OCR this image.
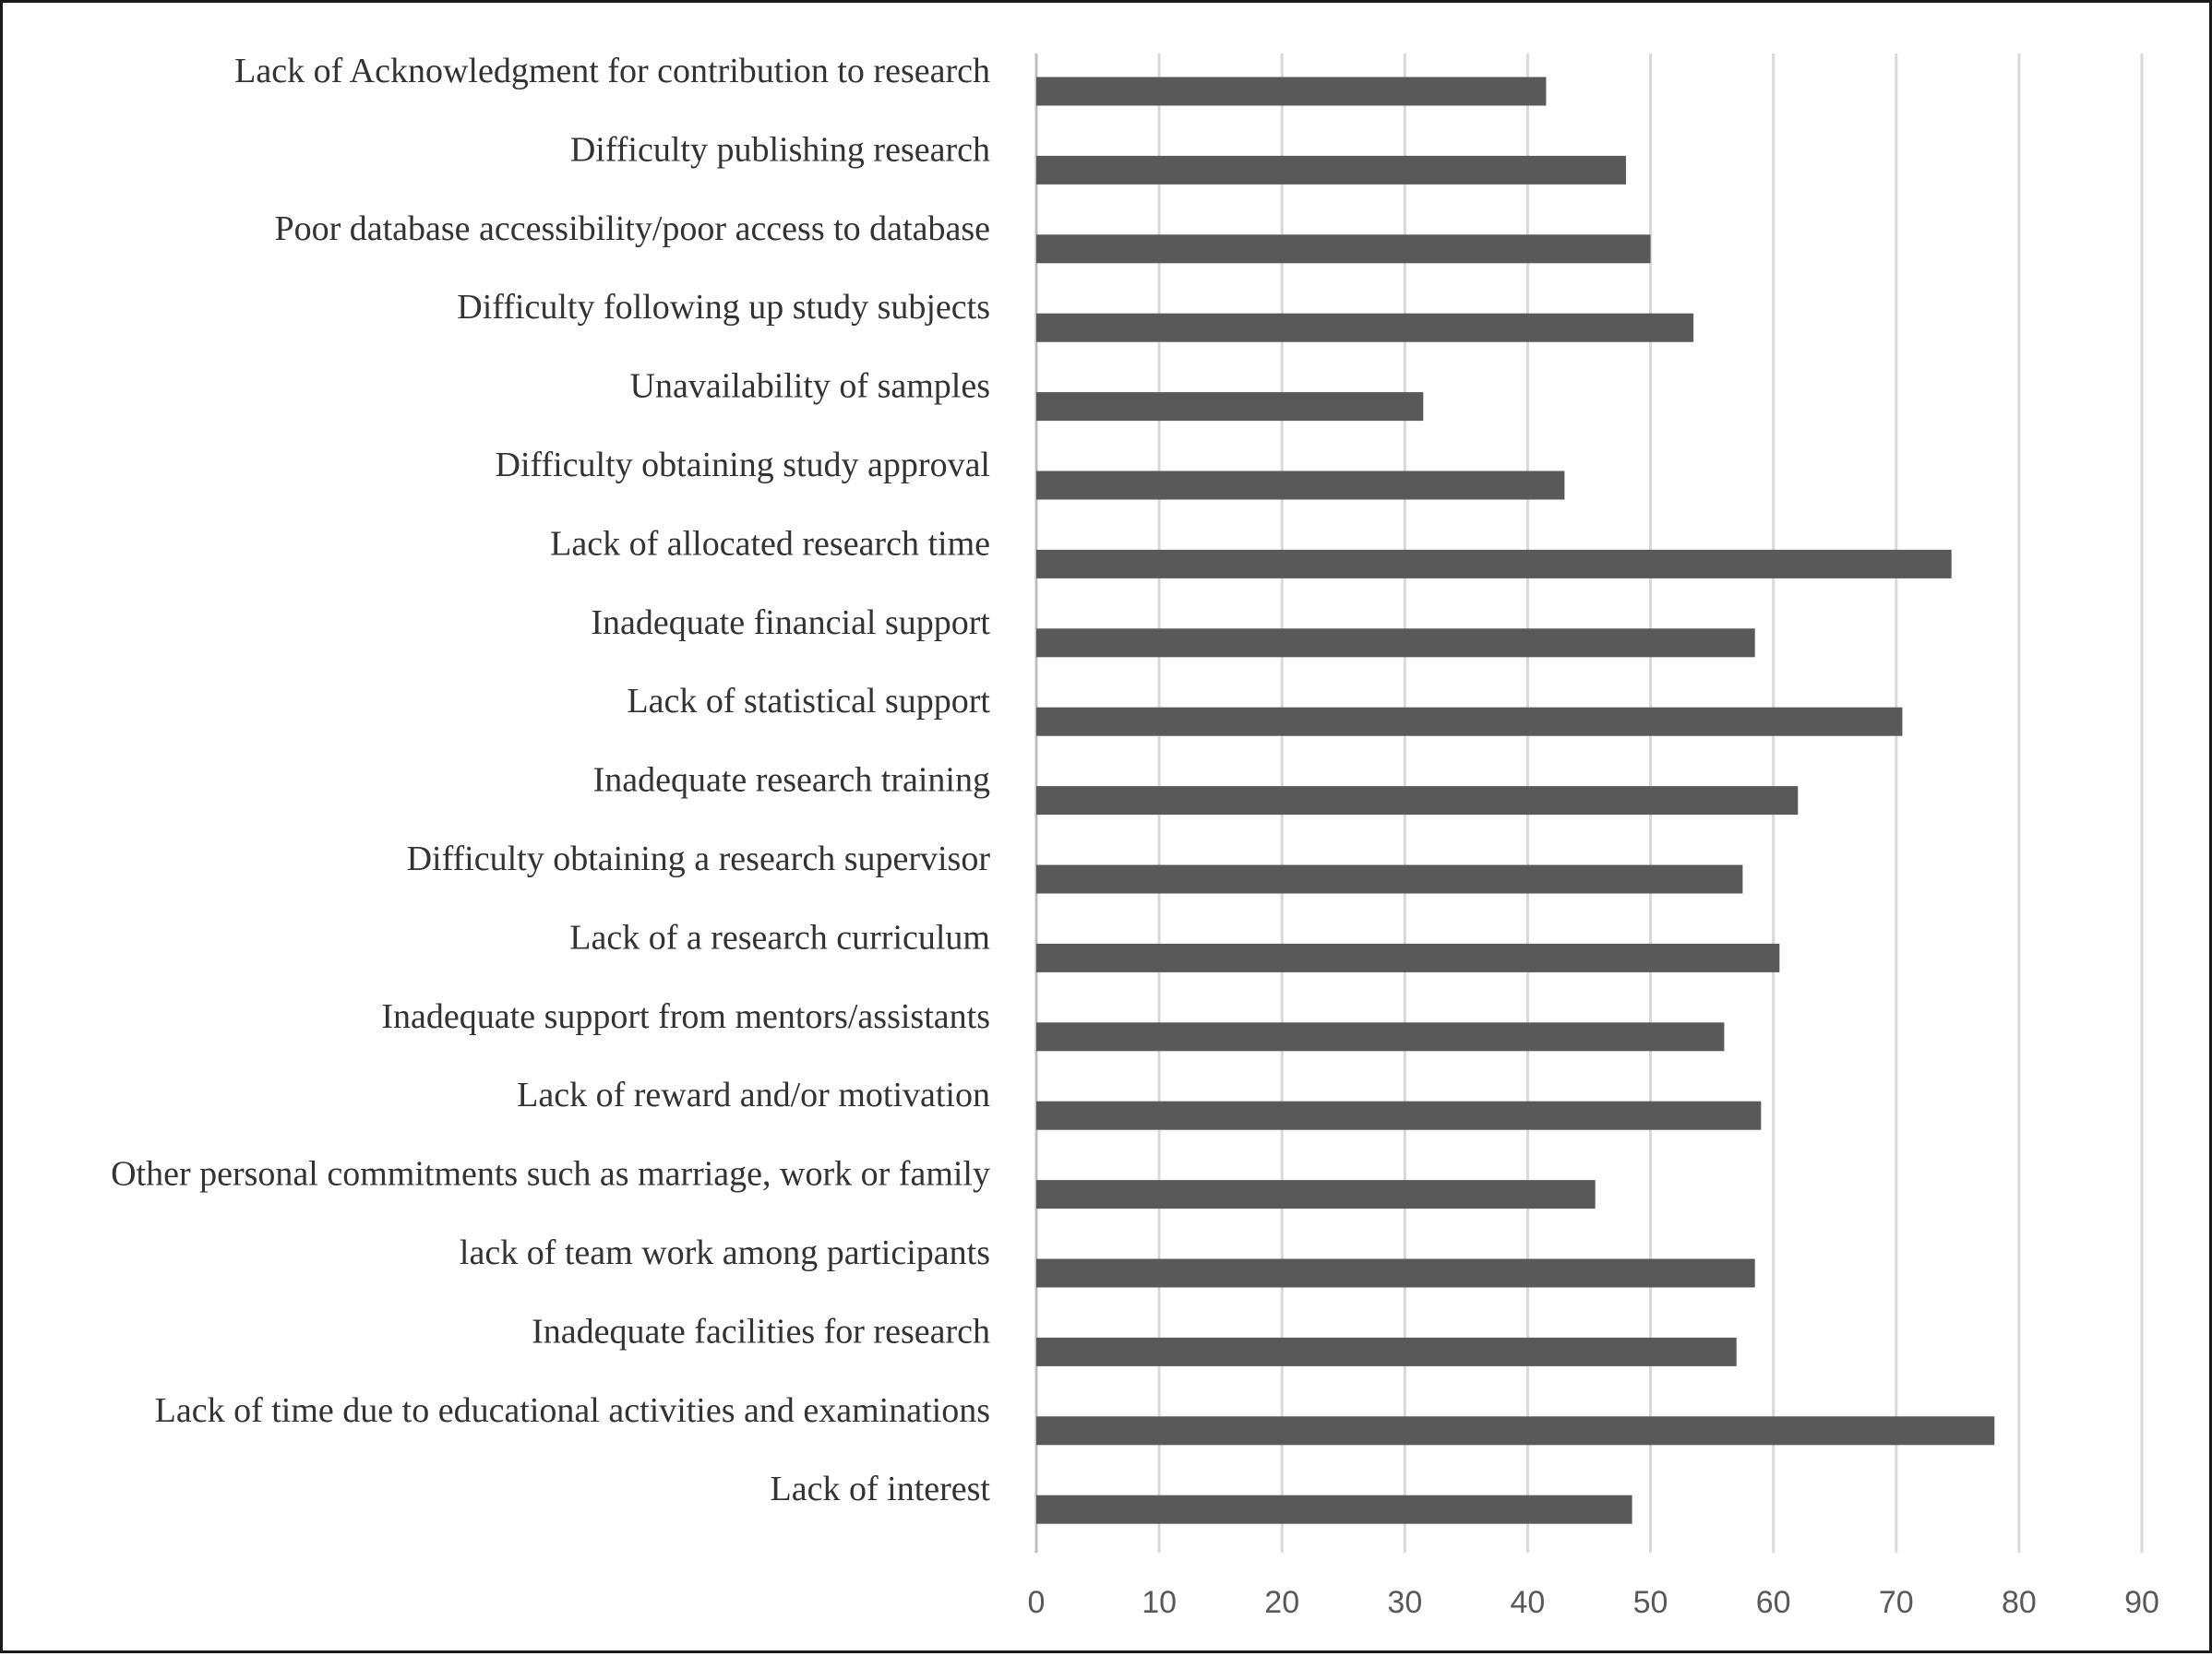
Lack of Acknowledgment for contribution to research
Difficulty publishing research
Poor database accessibility/poor access to database
Difficulty following up study subjects
Unavailability of samples
Difficulty obtaining study approval
Lack of allocated research time
Inadequate financial support
Lack of statistical support
Inadequate research training
Difficulty obtaining a research supervisor
Lack of a research curriculum
Inadequate support from mentors/assistants
Lack of reward and/or motivation
Other personal commitments such as marriage, work or family
lack of team work among participants
Inadequate facilities for research
Lack of time due to educational activities and examinations
Lack of interest
0	10	20	30	40	50	60	70	80	90
